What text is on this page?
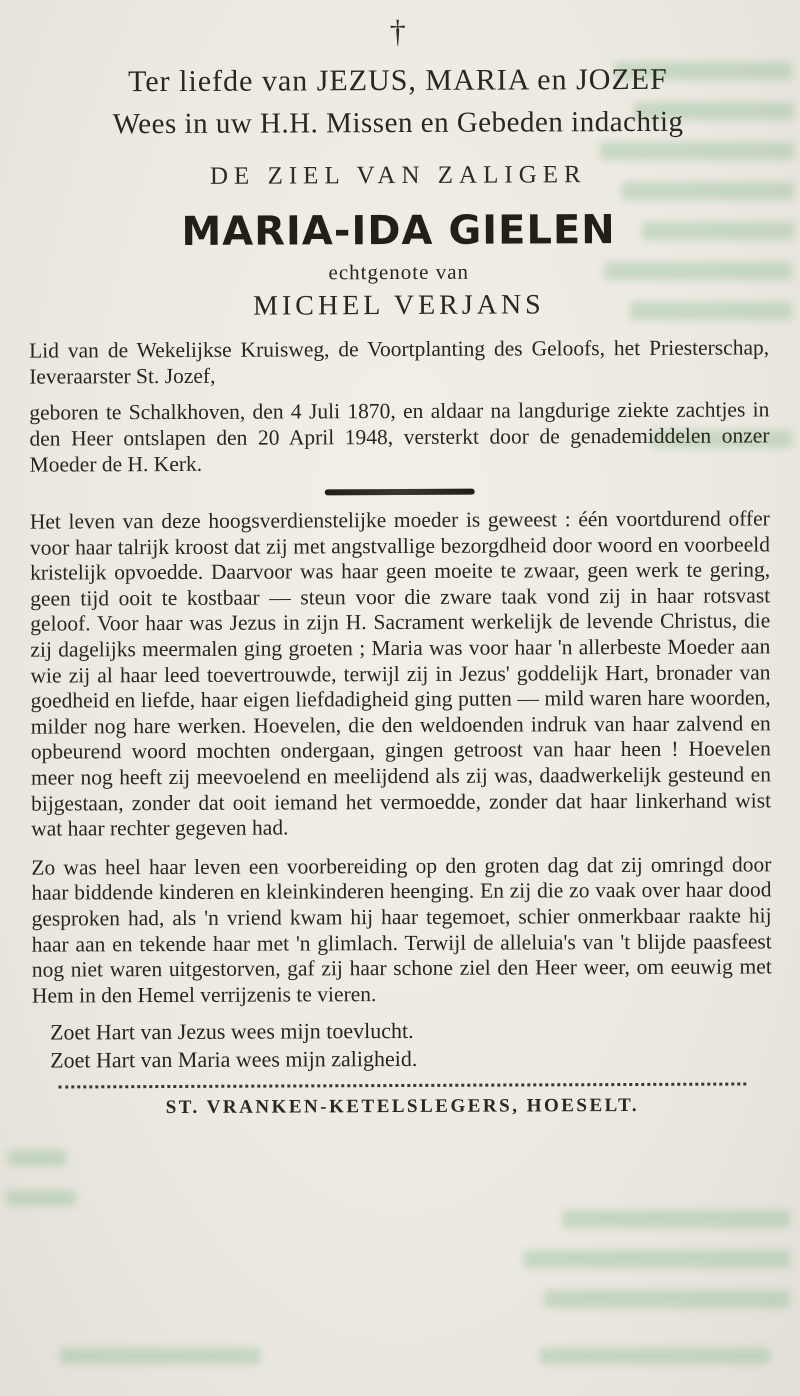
†
Ter liefde van JEZUS, MARIA en JOZEF
Wees in uw H.H. Missen en Gebeden indachtig
DE ZIEL VAN ZALIGER
MARIA-IDA GIELEN
echtgenote van
MICHEL VERJANS
Lid van de Wekelijkse Kruisweg, de Voortplanting des Geloofs, het Priesterschap, Ieveraarster St. Jozef,
geboren te Schalkhoven, den 4 Juli 1870, en aldaar na langdurige ziekte zachtjes in den Heer ontslapen den 20 April 1948, versterkt door de genademiddelen onzer Moeder de H. Kerk.
Het leven van deze hoogsverdienstelijke moeder is geweest : één voortdurend offer voor haar talrijk kroost dat zij met angstvallige bezorgdheid door woord en voorbeeld kristelijk opvoedde. Daarvoor was haar geen moeite te zwaar, geen werk te gering, geen tijd ooit te kostbaar — steun voor die zware taak vond zij in haar rotsvast geloof. Voor haar was Jezus in zijn H. Sacrament werkelijk de levende Christus, die zij dagelijks meermalen ging groeten ; Maria was voor haar 'n allerbeste Moeder aan wie zij al haar leed toevertrouwde, terwijl zij in Jezus' goddelijk Hart, bronader van goedheid en liefde, haar eigen liefdadigheid ging putten — mild waren hare woorden, milder nog hare werken. Hoevelen, die den weldoenden indruk van haar zalvend en opbeurend woord mochten ondergaan, gingen getroost van haar heen ! Hoevelen meer nog heeft zij meevoelend en meelijdend als zij was, daadwerkelijk gesteund en bijgestaan, zonder dat ooit iemand het vermoedde, zonder dat haar linkerhand wist wat haar rechter gegeven had.
Zo was heel haar leven een voorbereiding op den groten dag dat zij omringd door haar biddende kinderen en kleinkinderen heenging. En zij die zo vaak over haar dood gesproken had, als 'n vriend kwam hij haar tegemoet, schier onmerkbaar raakte hij haar aan en tekende haar met 'n glimlach. Terwijl de alleluia's van 't blijde paasfeest nog niet waren uitgestorven, gaf zij haar schone ziel den Heer weer, om eeuwig met Hem in den Hemel verrijzenis te vieren.
Zoet Hart van Jezus wees mijn toevlucht.
Zoet Hart van Maria wees mijn zaligheid.
ST. VRANKEN-KETELSLEGERS, HOESELT.
